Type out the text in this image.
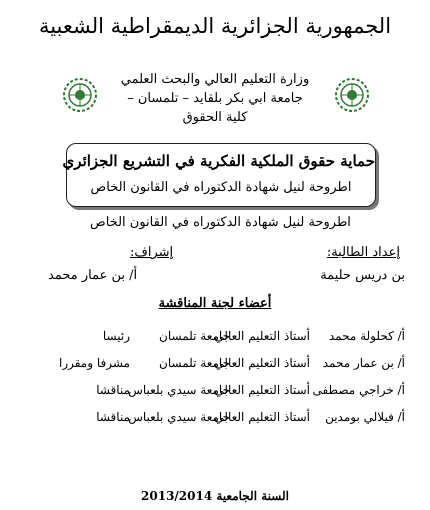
الجمهورية الجزائرية الديمقراطية الشعبية
وزارة التعليم العالي والبحث العلمي
جامعة ابي بكر بلقايد – تلمسان –
كلية الحقوق
حماية حقوق الملكية الفكرية في التشريع الجزائري
اطروحة لنيل شهادة الدكتوراه في القانون الخاص
اطروحة لنيل شهادة الدكتوراه في القانون الخاص
إعداد الطالبة:
إشراف:
بن دريس حليمة
أ/ بن عمار محمد
أعضاء لجنة المناقشة
أ/ كحلولة محمد
أستاذ التعليم العالي
جامعة تلمسان
رئيسا
أ/ بن عمار محمد
أستاذ التعليم العالي
جامعة تلمسان
مشرفا ومقررا
أ/ خراجي مصطفى
أستاذ التعليم العالي
جامعة سيدي بلعباس
مناقشا
أ/ فيلالي بومدين
أستاذ التعليم العالي
جامعة سيدي بلعباس
مناقشا
السنة الجامعية 2013/2014
